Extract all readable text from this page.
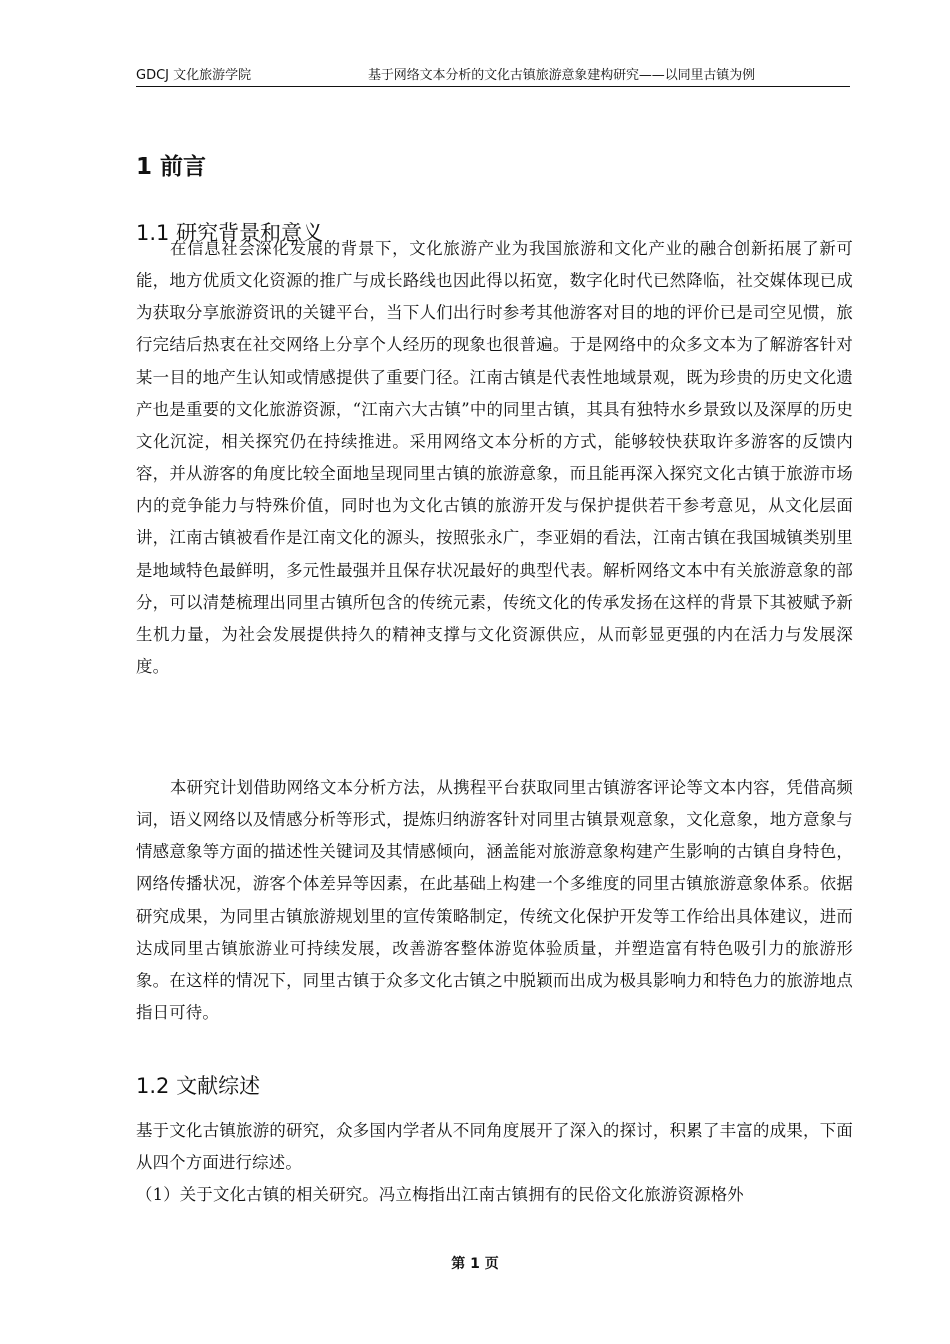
GDCJ 文化旅游学院	基于网络文本分析的文化古镇旅游意象建构研究——以同里古镇为例
1 前言
1.1 研究背景和意义

在信息社会深化发展的背景下，文化旅游产业为我国旅游和文化产业的融合创新拓展了新可能，地方优质文化资源的推广与成长路线也因此得以拓宽，数字化时代已然降临，社交媒体现已成为获取分享旅游资讯的关键平台，当下人们出行时参考其他游客对目的地的评价已是司空见惯，旅行完结后热衷在社交网络上分享个人经历的现象也很普遍。于是网络中的众多文本为了解游客针对某一目的地产生认知或情感提供了重要门径。江南古镇是代表性地域景观，既为珍贵的历史文化遗产也是重要的文化旅游资源，“江南六大古镇”中的同里古镇，其具有独特水乡景致以及深厚的历史文化沉淀，相关探究仍在持续推进。采用网络文本分析的方式，能够较快获取许多游客的反馈内容，并从游客的角度比较全面地呈现同里古镇的旅游意象，而且能再深入探究文化古镇于旅游市场内的竞争能力与特殊价值，同时也为文化古镇的旅游开发与保护提供若干参考意见，从文化层面讲，江南古镇被看作是江南文化的源头，按照张永广，李亚娟的看法，江南古镇在我国城镇类别里是地域特色最鲜明，多元性最强并且保存状况最好的典型代表。解析网络文本中有关旅游意象的部分，可以清楚梳理出同里古镇所包含的传统元素，传统文化的传承发扬在这样的背景下其被赋予新生机力量，为社会发展提供持久的精神支撑与文化资源供应，从而彰显更强的内在活力与发展深度。

本研究计划借助网络文本分析方法，从携程平台获取同里古镇游客评论等文本内容，凭借高频词，语义网络以及情感分析等形式，提炼归纳游客针对同里古镇景观意象，文化意象，地方意象与情感意象等方面的描述性关键词及其情感倾向，涵盖能对旅游意象构建产生影响的古镇自身特色，网络传播状况，游客个体差异等因素，在此基础上构建一个多维度的同里古镇旅游意象体系。依据研究成果，为同里古镇旅游规划里的宣传策略制定，传统文化保护开发等工作给出具体建议，进而达成同里古镇旅游业可持续发展，改善游客整体游览体验质量，并塑造富有特色吸引力的旅游形象。在这样的情况下，同里古镇于众多文化古镇之中脱颖而出成为极具影响力和特色力的旅游地点指日可待。

1.2 文献综述

基于文化古镇旅游的研究，众多国内学者从不同角度展开了深入的探讨，积累了丰富的成果，下面从四个方面进行综述。

（1）关于文化古镇的相关研究。冯立梅指出江南古镇拥有的民俗文化旅游资源格外

第 1 页
